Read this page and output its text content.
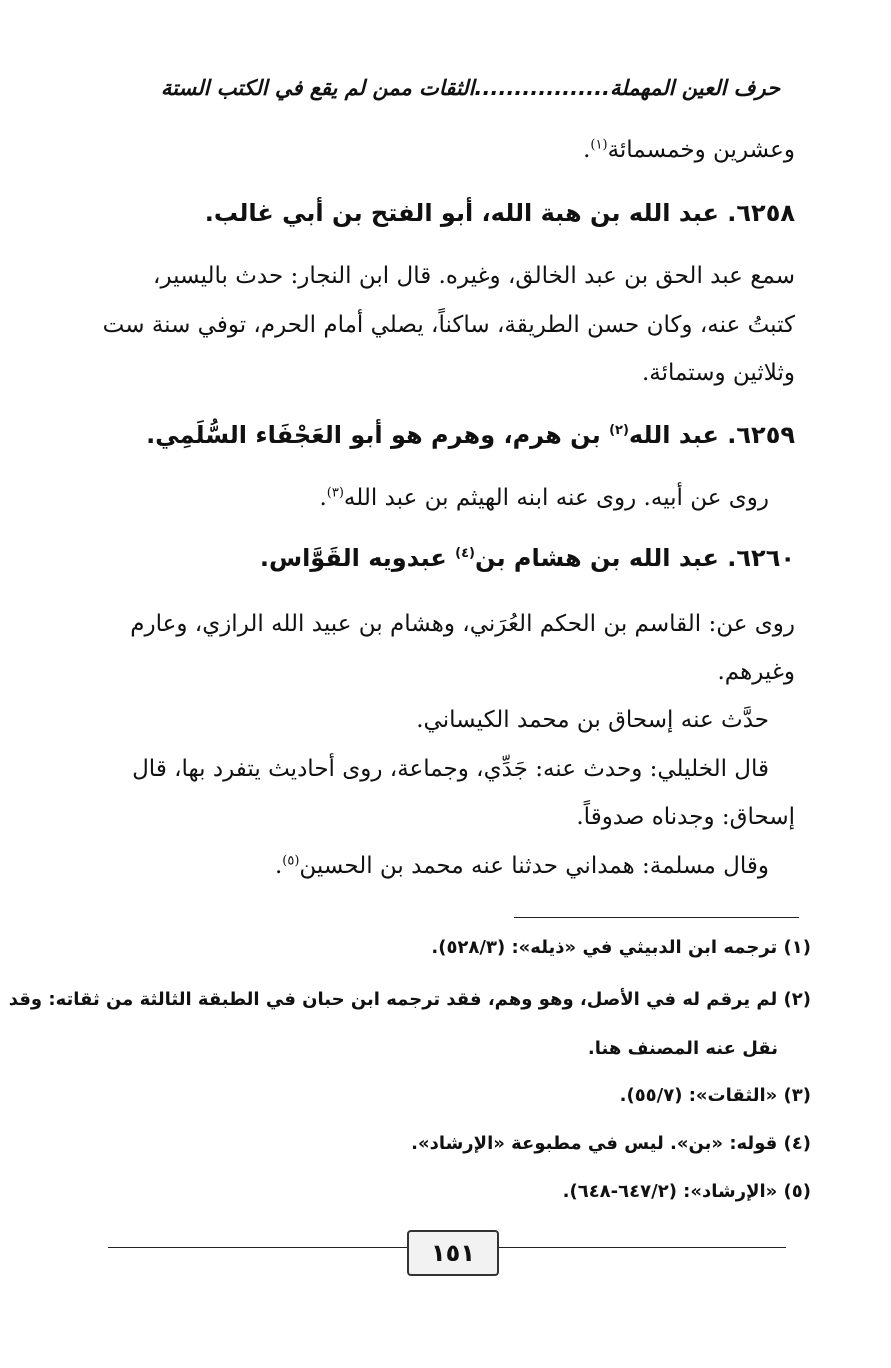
حرف العين المهملة.................الثقات ممن لم يقع في الكتب الستة
وعشرين وخمسمائة$^{(١)}$.
٦٢٥٨. عبد الله بن هبة الله، أبو الفتح بن أبي غالب.
سمع عبد الحق بن عبد الخالق، وغيره. قال ابن النجار: حدث باليسير،
كتبتُ عنه، وكان حسن الطريقة، ساكناً، يصلي أمام الحرم، توفي سنة ست
وثلاثين وستمائة.
٦٢٥٩. عبد الله$^{(٢)}$ بن هرم، وهرم هو أبو العَجْفَاء السُّلَمِي.
روى عن أبيه. روى عنه ابنه الهيثم بن عبد الله$^{(٣)}$.
٦٢٦٠. عبد الله بن هشام بن$^{(٤)}$ عبدويه القَوَّاس.
روى عن: القاسم بن الحكم العُرَني، وهشام بن عبيد الله الرازي، وعارم
وغيرهم.
حدَّث عنه إسحاق بن محمد الكيساني.
قال الخليلي: وحدث عنه: جَدِّي، وجماعة، روى أحاديث يتفرد بها، قال
إسحاق: وجدناه صدوقاً.
وقال مسلمة: همداني حدثنا عنه محمد بن الحسين$^{(٥)}$.
(١) ترجمه ابن الدبيثي في «ذيله»: (٥٢٨/٣).
(٢) لم يرقم له في الأصل، وهو وهم، فقد ترجمه ابن حبان في الطبقة الثالثة من ثقاته: وقد
نقل عنه المصنف هنا.
(٣) «الثقات»: (٥٥/٧).
(٤) قوله: «بن». ليس في مطبوعة «الإرشاد».
(٥) «الإرشاد»: (٦٤٧/٢-٦٤٨).
١٥١
